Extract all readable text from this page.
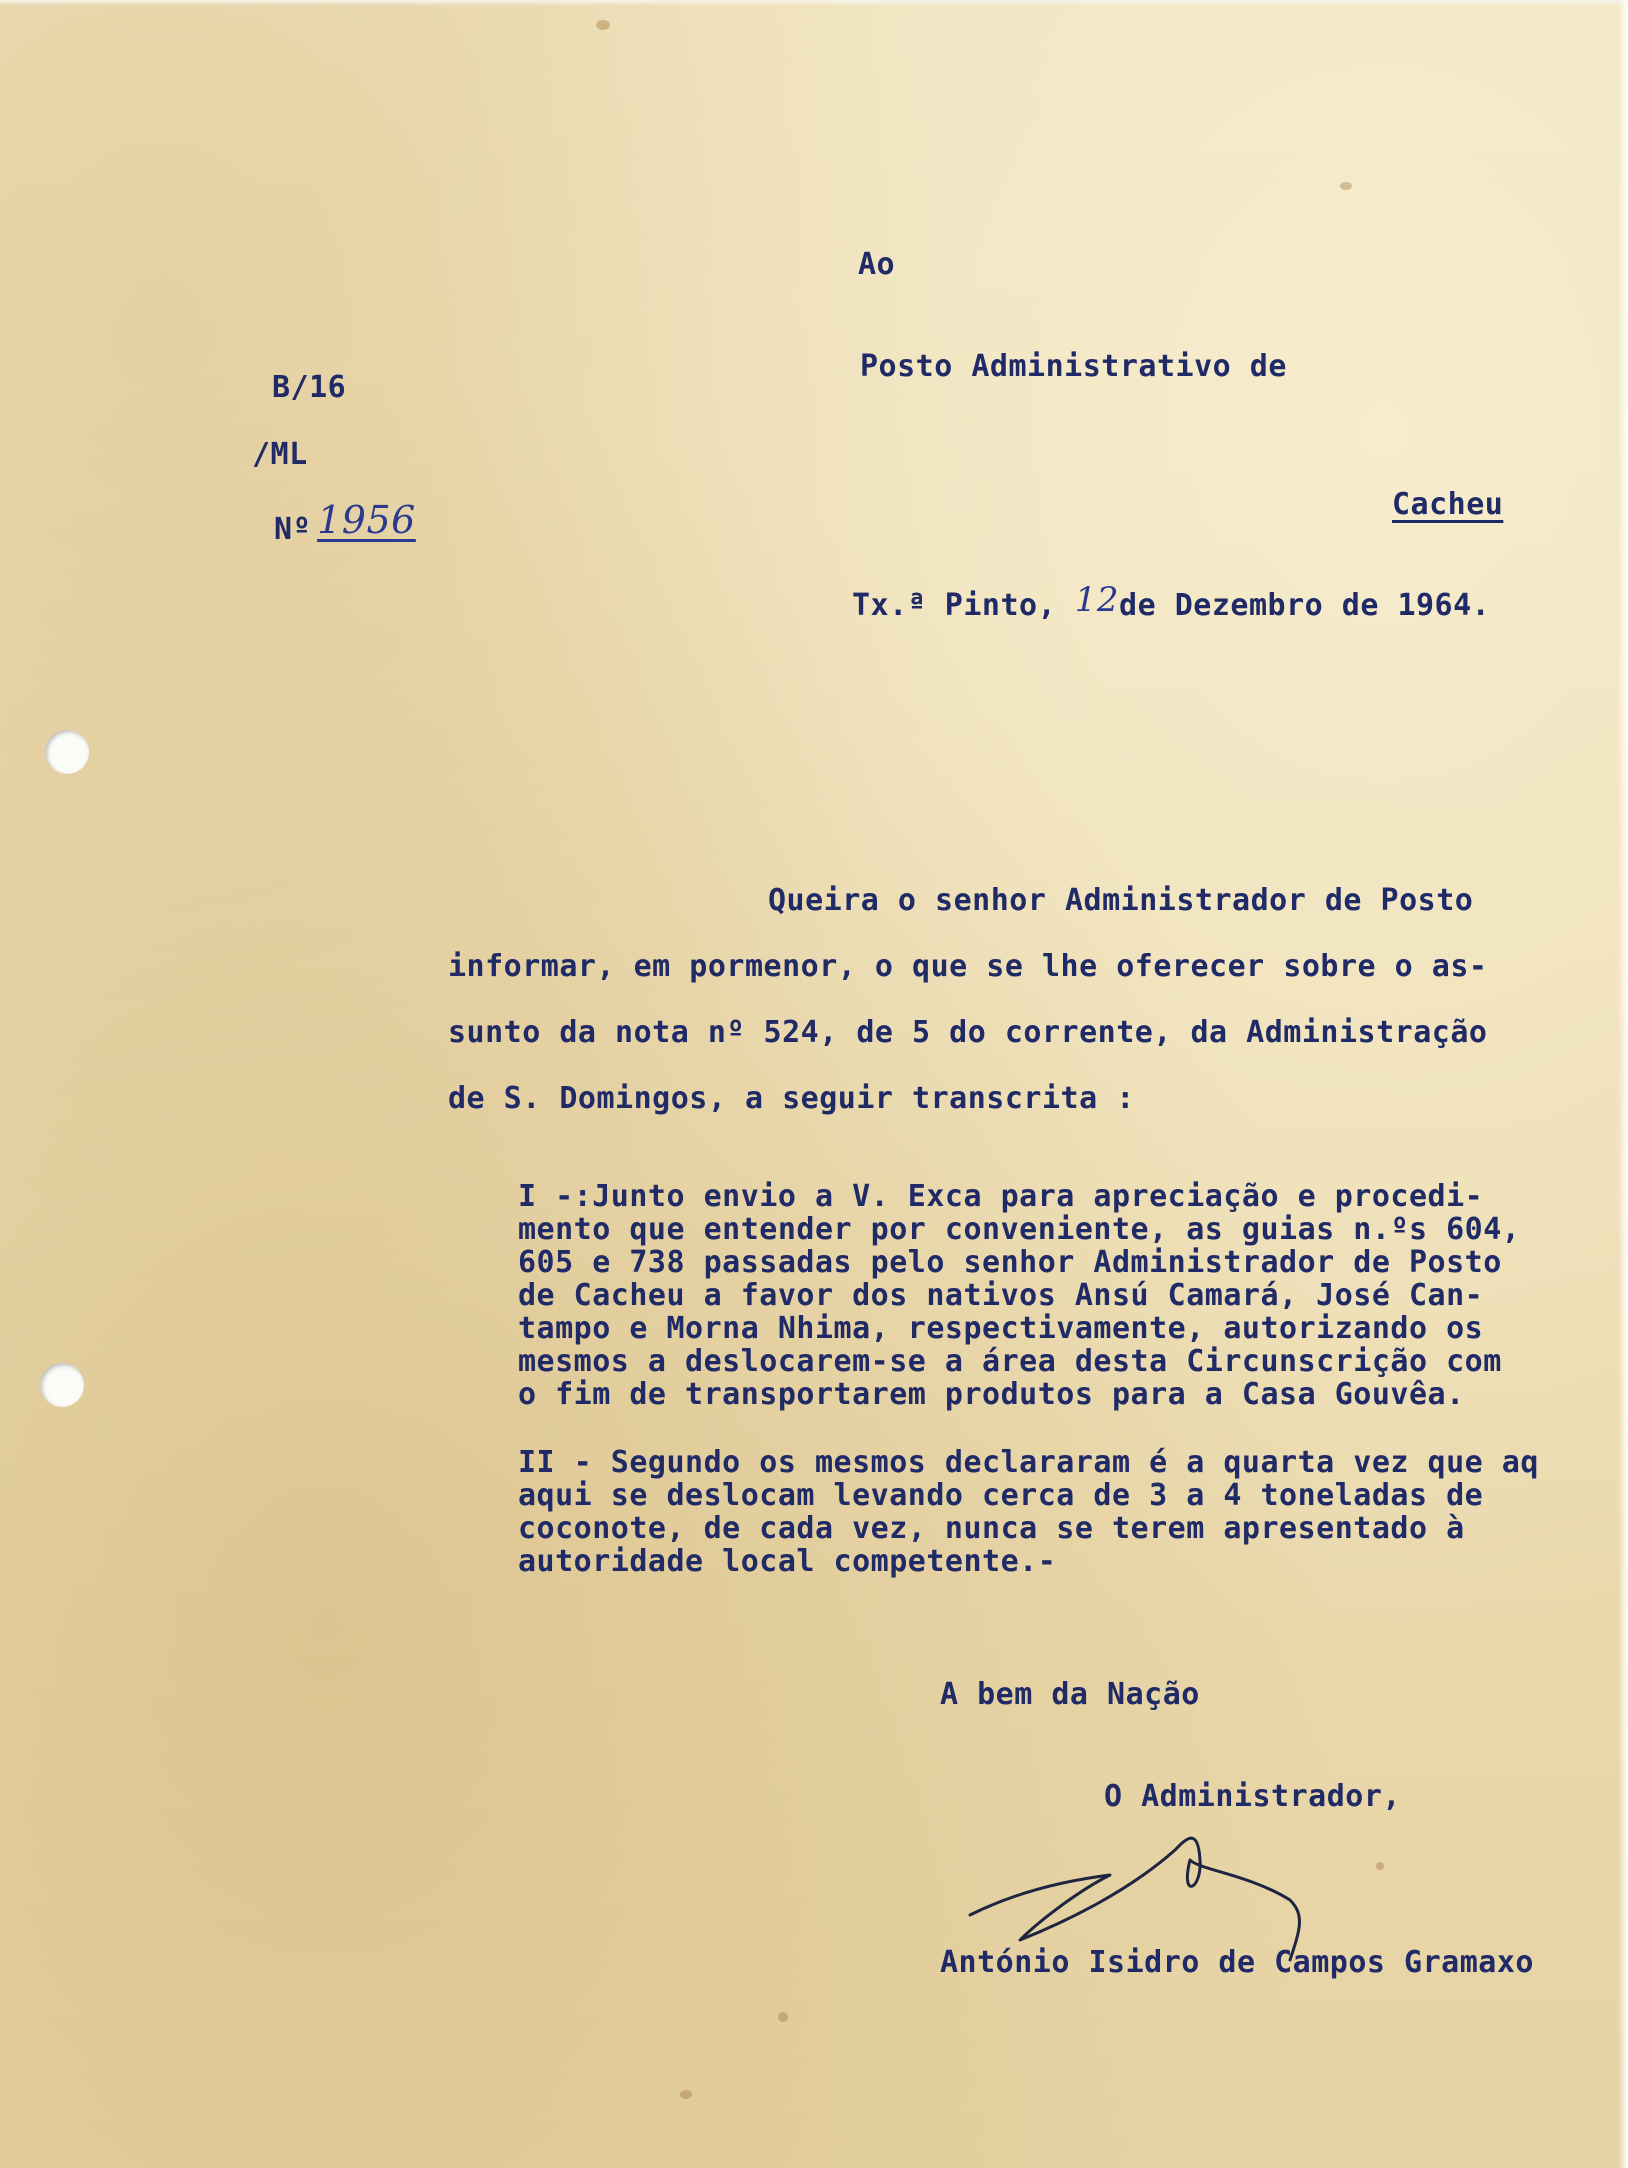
Ao
Posto Administrativo de
Cacheu
B/16
/ML
Nº 1956
Tx.ª Pinto, 12de Dezembro de 1964.
Queira o senhor Administrador de Posto
informar, em pormenor, o que se lhe oferecer sobre o as-
sunto da nota nº 524, de 5 do corrente, da Administração
de S. Domingos, a seguir transcrita :
I -:Junto envio a V. Exca para apreciação e procedi-
mento que entender por conveniente, as guias n.ºs 604,
605 e 738 passadas pelo senhor Administrador de Posto
de Cacheu a favor dos nativos Ansú Camará, José Can-
tampo e Morna Nhima, respectivamente, autorizando os
mesmos a deslocarem-se a área desta Circunscrição com
o fim de transportarem produtos para a Casa Gouvêa.
II - Segundo os mesmos declararam é a quarta vez que aq
aqui se deslocam levando cerca de 3 a 4 toneladas de
coconote, de cada vez, nunca se terem apresentado à
autoridade local competente.-
A bem da Nação
O Administrador,
António Isidro de Campos Gramaxo
